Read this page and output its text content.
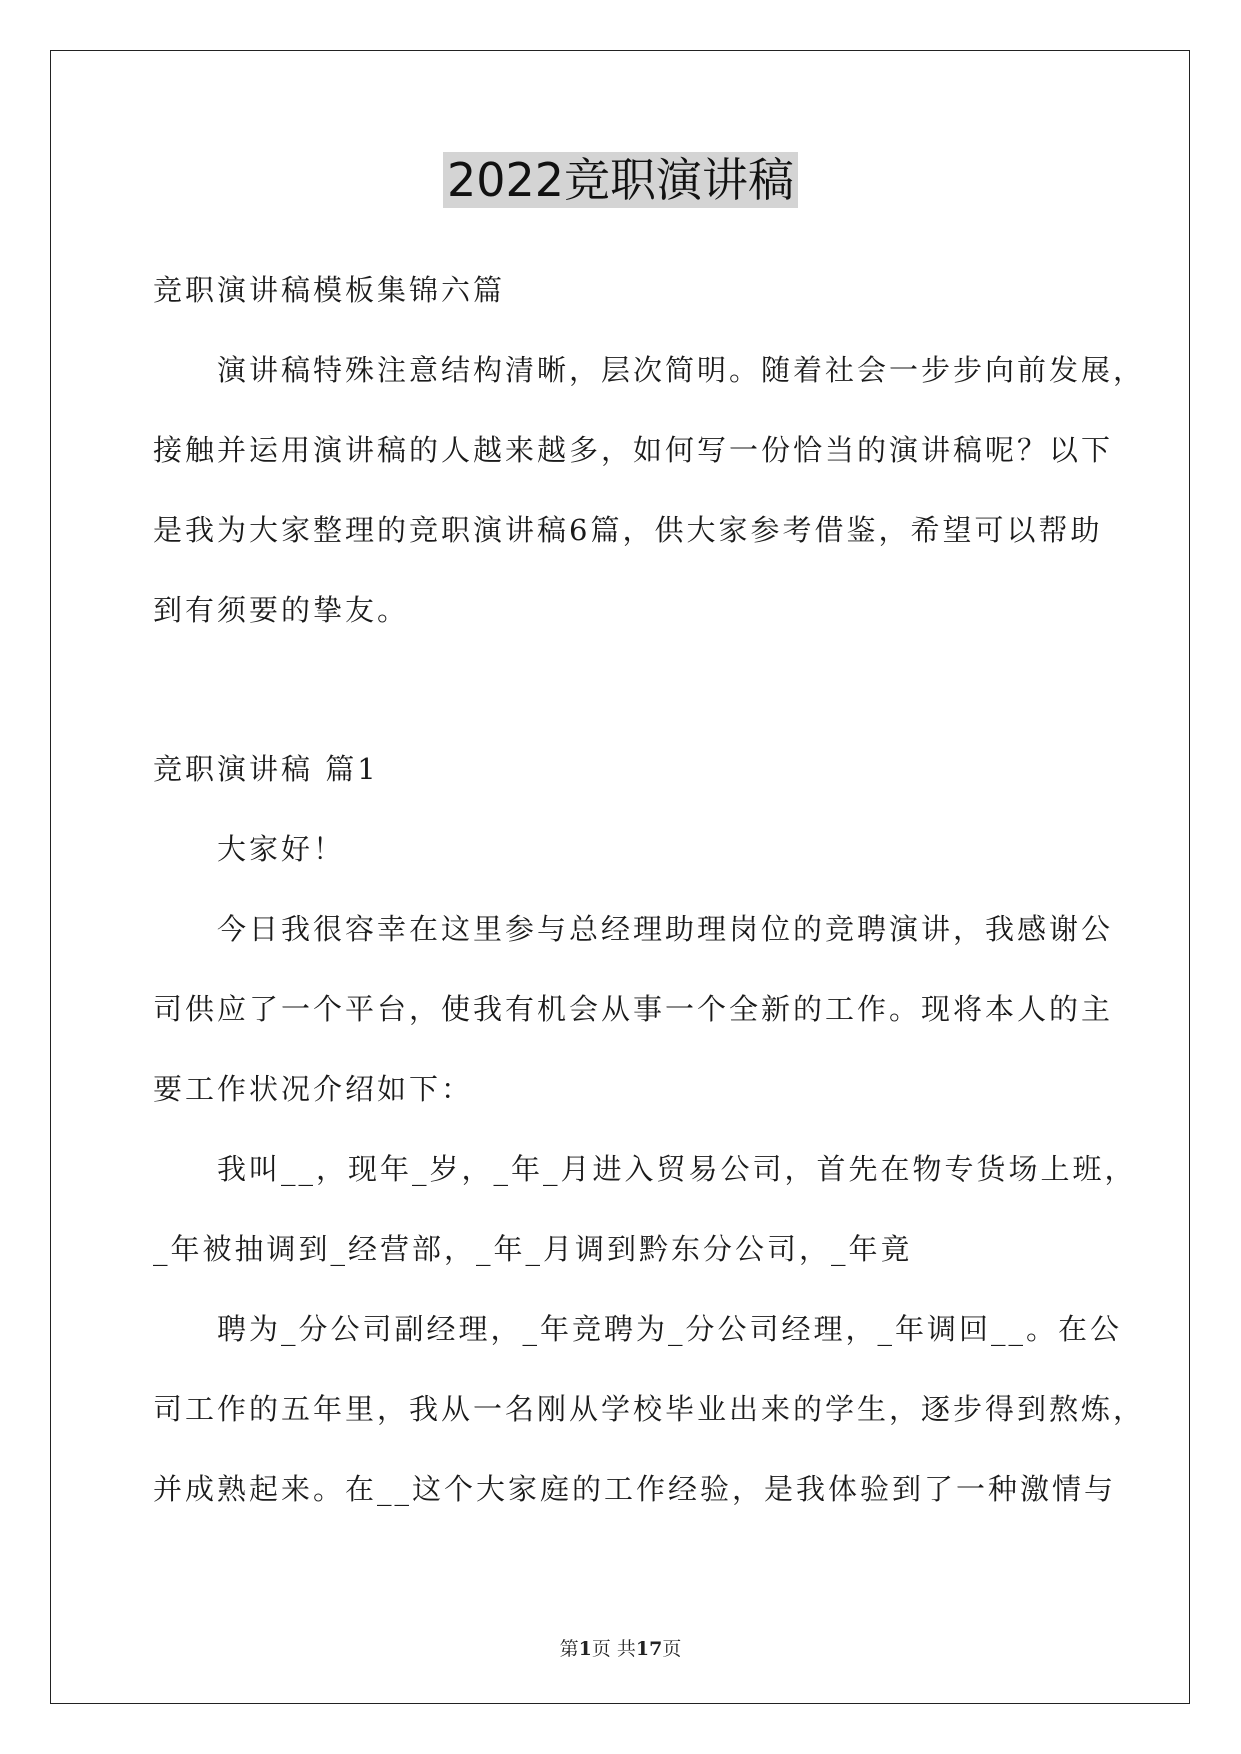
2022竞职演讲稿

竞职演讲稿模板集锦六篇

演讲稿特殊注意结构清晰，层次简明。随着社会一步步向前发展，

接触并运用演讲稿的人越来越多，如何写一份恰当的演讲稿呢？以下

是我为大家整理的竞职演讲稿6篇，供大家参考借鉴，希望可以帮助

到有须要的挚友。

竞职演讲稿 篇1

大家好！

今日我很容幸在这里参与总经理助理岗位的竞聘演讲，我感谢公

司供应了一个平台，使我有机会从事一个全新的工作。现将本人的主

要工作状况介绍如下：

我叫__，现年_岁，_年_月进入贸易公司，首先在物专货场上班，

_年被抽调到_经营部，_年_月调到黔东分公司，_年竟

聘为_分公司副经理，_年竞聘为_分公司经理，_年调回__。在公

司工作的五年里，我从一名刚从学校毕业出来的学生，逐步得到熬炼，

并成熟起来。在__这个大家庭的工作经验，是我体验到了一种激情与

第1页 共17页
